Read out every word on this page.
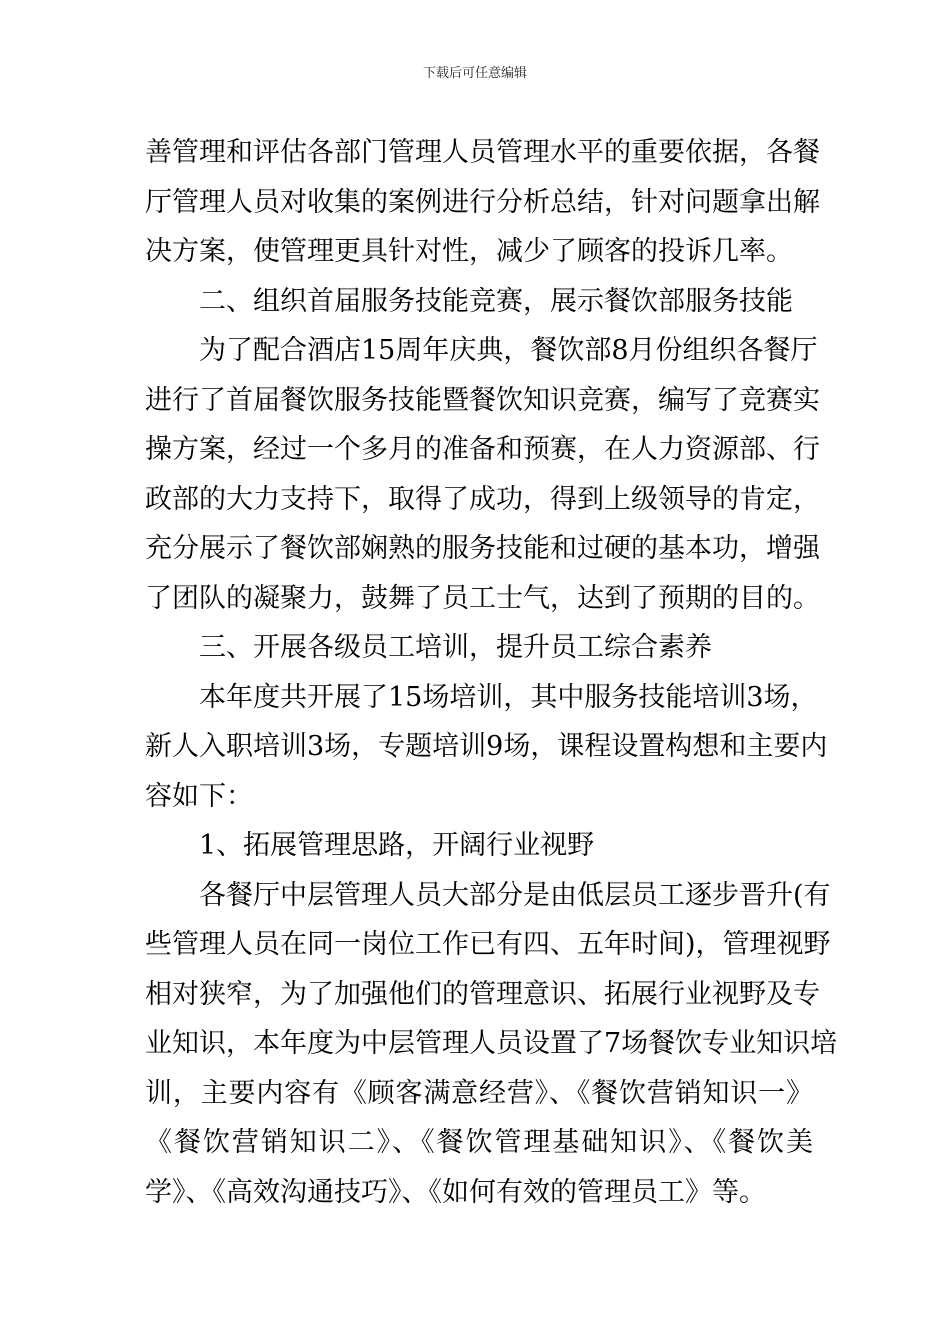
下载后可任意编辑
善管理和评估各部门管理人员管理水平的重要依据，各餐
厅管理人员对收集的案例进行分析总结，针对问题拿出解
决方案，使管理更具针对性，减少了顾客的投诉几率。
二、组织首届服务技能竞赛，展示餐饮部服务技能
为了配合酒店15周年庆典，餐饮部8月份组织各餐厅
进行了首届餐饮服务技能暨餐饮知识竞赛，编写了竞赛实
操方案，经过一个多月的准备和预赛，在人力资源部、行
政部的大力支持下，取得了成功，得到上级领导的肯定，
充分展示了餐饮部娴熟的服务技能和过硬的基本功，增强
了团队的凝聚力，鼓舞了员工士气，达到了预期的目的。
三、开展各级员工培训，提升员工综合素养
本年度共开展了15场培训，其中服务技能培训3场，
新人入职培训3场，专题培训9场，课程设置构想和主要内
容如下：
1、拓展管理思路，开阔行业视野
各餐厅中层管理人员大部分是由低层员工逐步晋升(有
些管理人员在同一岗位工作已有四、五年时间)，管理视野
相对狭窄，为了加强他们的管理意识、拓展行业视野及专
业知识，本年度为中层管理人员设置了7场餐饮专业知识培
训，主要内容有《顾客满意经营》、《餐饮营销知识一》
《餐饮营销知识二》、《餐饮管理基础知识》、《餐饮美
学》、《高效沟通技巧》、《如何有效的管理员工》等。
